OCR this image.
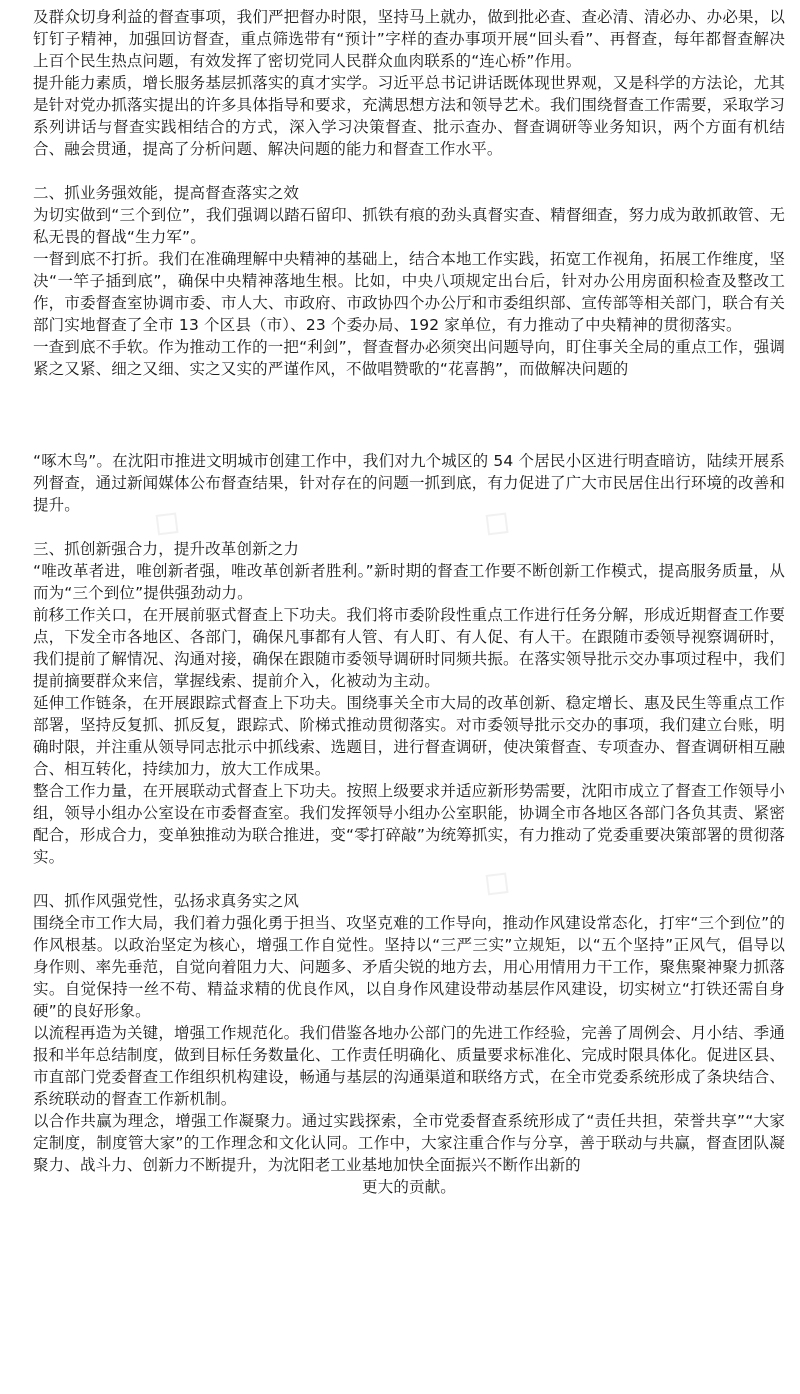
◇	◇
◇

及群众切身利益的督查事项，我们严把督办时限，坚持马上就办，做到批必查、查必清、清必办、办必果，以钉钉子精神，加强回访督查，重点筛选带有“预计”字样的查办事项开展“回头看”、再督查，每年都督查解决上百个民生热点问题，有效发挥了密切党同人民群众血肉联系的“连心桥”作用。

提升能力素质，增长服务基层抓落实的真才实学。习近平总书记讲话既体现世界观，又是科学的方法论，尤其是针对党办抓落实提出的许多具体指导和要求，充满思想方法和领导艺术。我们围绕督查工作需要，采取学习系列讲话与督查实践相结合的方式，深入学习决策督查、批示查办、督查调研等业务知识，两个方面有机结合、融会贯通，提高了分析问题、解决问题的能力和督查工作水平。

二、抓业务强效能，提高督查落实之效

为切实做到“三个到位”，我们强调以踏石留印、抓铁有痕的劲头真督实查、精督细查，努力成为敢抓敢管、无私无畏的督战“生力军”。

一督到底不打折。我们在准确理解中央精神的基础上，结合本地工作实践，拓宽工作视角，拓展工作维度，坚决“一竿子插到底”，确保中央精神落地生根。比如，中央八项规定出台后，针对办公用房面积检查及整改工作，市委督查室协调市委、市人大、市政府、市政协四个办公厅和市委组织部、宣传部等相关部门，联合有关部门实地督查了全市 13 个区县（市）、23 个委办局、192 家单位，有力推动了中央精神的贯彻落实。

一查到底不手软。作为推动工作的一把“利剑”，督查督办必须突出问题导向，盯住事关全局的重点工作，强调紧之又紧、细之又细、实之又实的严谨作风，不做唱赞歌的“花喜鹊”，而做解决问题的

“啄木鸟”。在沈阳市推进文明城市创建工作中，我们对九个城区的 54 个居民小区进行明查暗访，陆续开展系列督查，通过新闻媒体公布督查结果，针对存在的问题一抓到底，有力促进了广大市民居住出行环境的改善和提升。

三、抓创新强合力，提升改革创新之力

“唯改革者进，唯创新者强，唯改革创新者胜利。”新时期的督查工作要不断创新工作模式，提高服务质量，从而为“三个到位”提供强劲动力。

前移工作关口，在开展前驱式督查上下功夫。我们将市委阶段性重点工作进行任务分解，形成近期督查工作要点，下发全市各地区、各部门，确保凡事都有人管、有人盯、有人促、有人干。在跟随市委领导视察调研时，我们提前了解情况、沟通对接，确保在跟随市委领导调研时同频共振。在落实领导批示交办事项过程中，我们提前摘要群众来信，掌握线索、提前介入，化被动为主动。

延伸工作链条，在开展跟踪式督查上下功夫。围绕事关全市大局的改革创新、稳定增长、惠及民生等重点工作部署，坚持反复抓、抓反复，跟踪式、阶梯式推动贯彻落实。对市委领导批示交办的事项，我们建立台账，明确时限，并注重从领导同志批示中抓线索、选题目，进行督查调研，使决策督查、专项查办、督查调研相互融合、相互转化，持续加力，放大工作成果。

整合工作力量，在开展联动式督查上下功夫。按照上级要求并适应新形势需要，沈阳市成立了督查工作领导小组，领导小组办公室设在市委督查室。我们发挥领导小组办公室职能，协调全市各地区各部门各负其责、紧密配合，形成合力，变单独推动为联合推进，变“零打碎敲”为统筹抓实，有力推动了党委重要决策部署的贯彻落实。

四、抓作风强党性，弘扬求真务实之风

围绕全市工作大局，我们着力强化勇于担当、攻坚克难的工作导向，推动作风建设常态化，打牢“三个到位”的作风根基。以政治坚定为核心，增强工作自觉性。坚持以“三严三实”立规矩，以“五个坚持”正风气，倡导以身作则、率先垂范，自觉向着阻力大、问题多、矛盾尖锐的地方去，用心用情用力干工作，聚焦聚神聚力抓落实。自觉保持一丝不苟、精益求精的优良作风，以自身作风建设带动基层作风建设，切实树立“打铁还需自身硬”的良好形象。

以流程再造为关键，增强工作规范化。我们借鉴各地办公部门的先进工作经验，完善了周例会、月小结、季通报和半年总结制度，做到目标任务数量化、工作责任明确化、质量要求标准化、完成时限具体化。促进区县、市直部门党委督查工作组织机构建设，畅通与基层的沟通渠道和联络方式，在全市党委系统形成了条块结合、系统联动的督查工作新机制。

以合作共赢为理念，增强工作凝聚力。通过实践探索，全市党委督查系统形成了“责任共担，荣誉共享”“大家定制度，制度管大家”的工作理念和文化认同。工作中，大家注重合作与分享，善于联动与共赢，督查团队凝聚力、战斗力、创新力不断提升，为沈阳老工业基地加快全面振兴不断作出新的

更大的贡献。
